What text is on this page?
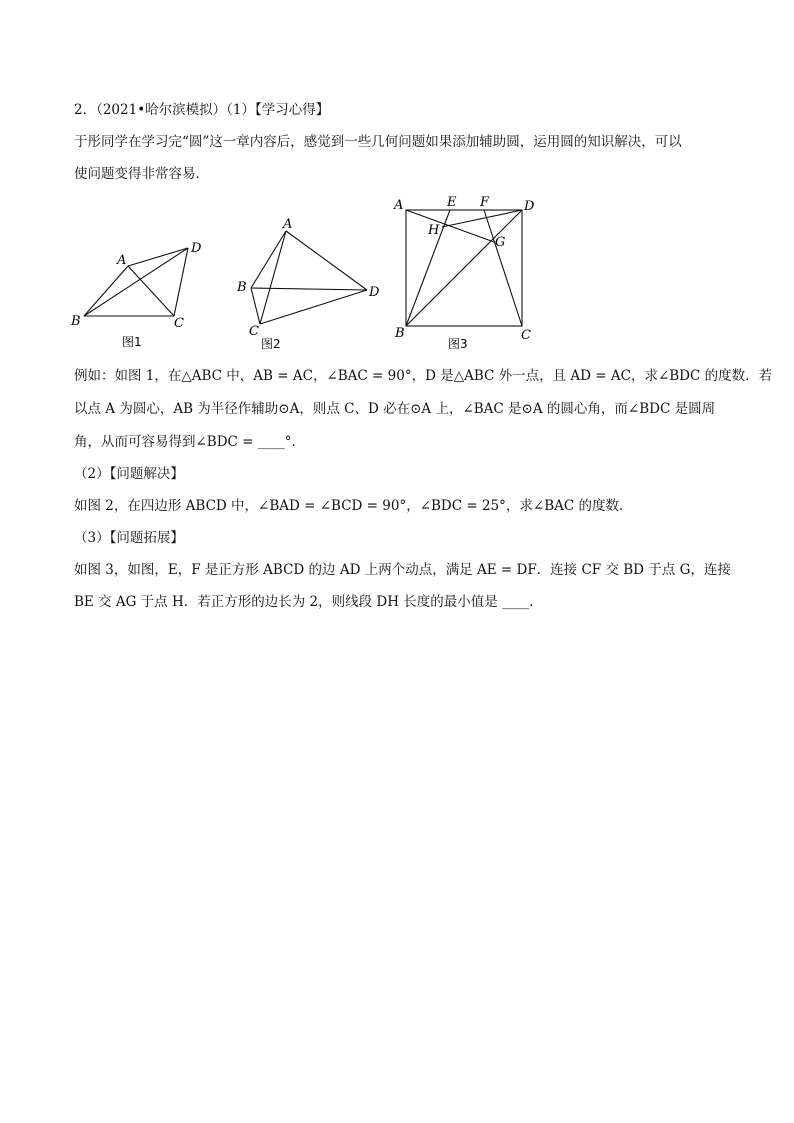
2．（2021•哈尔滨模拟）（1）【学习心得】
于彤同学在学习完“圆”这一章内容后，感觉到一些几何问题如果添加辅助圆，运用圆的知识解决，可以
使问题变得非常容易．
A
B	C
D
图1
A
B
C
D
图2
A	E F	D
H
G
B	C
图3
例如：如图 1，在△ABC 中，AB = AC，∠BAC = 90°，D 是△ABC 外一点，且 AD = AC，求∠BDC 的度数．若
以点 A 为圆心，AB 为半径作辅助⊙A，则点 C、D 必在⊙A 上，∠BAC 是⊙A 的圆心角，而∠BDC 是圆周
角，从而可容易得到∠BDC = ____°．
（2）【问题解决】
如图 2，在四边形 ABCD 中，∠BAD = ∠BCD = 90°，∠BDC = 25°，求∠BAC 的度数．
（3）【问题拓展】
如图 3，如图，E，F 是正方形 ABCD 的边 AD 上两个动点，满足 AE = DF．连接 CF 交 BD 于点 G，连接
BE 交 AG 于点 H．若正方形的边长为 2，则线段 DH 长度的最小值是 ____．
